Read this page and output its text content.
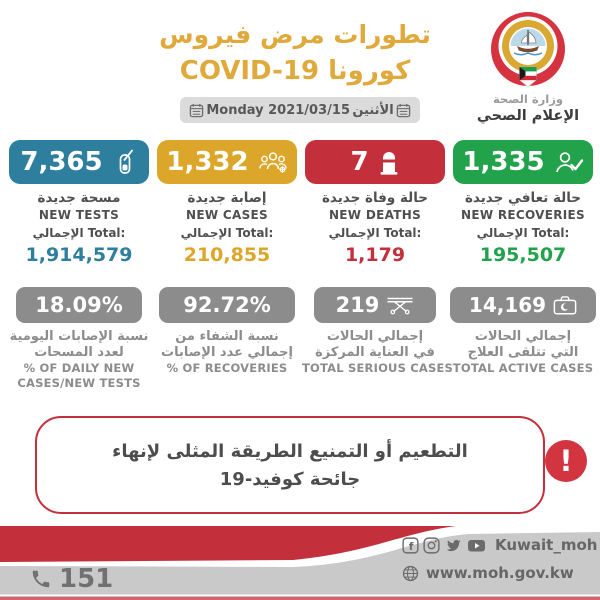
تطورات مرض فيروس
كورونا COVID-19
وزارة الصحة
الإعلام الصحي
Monday 2021/03/15 الأثنين
7,365
مسحة جديدة
NEW TESTS
الإجمالي Total:
1,914,579
1,332
إصابة جديدة
NEW CASES
الإجمالي Total:
210,855
7
حالة وفاة جديدة
NEW DEATHS
الإجمالي Total:
1,179
1,335
حالة تعافي جديدة
NEW RECOVERIES
الإجمالي Total:
195,507
18.09%
نسبة الإصابات اليومية
لعدد المسحات
% OF DAILY NEW
CASES/NEW TESTS
92.72%
نسبة الشفاء من
إجمالي عدد الإصابات
% OF RECOVERIES
219
إجمالي الحالات
في العناية المركزة
TOTAL SERIOUS CASES
14,169
إجمالي الحالات
التي تتلقى العلاج
TOTAL ACTIVE CASES
التطعيم أو التمنيع الطريقة المثلى لإنهاء
جائحة كوفيد-19
!
151
f	Kuwait_moh
www.moh.gov.kw
